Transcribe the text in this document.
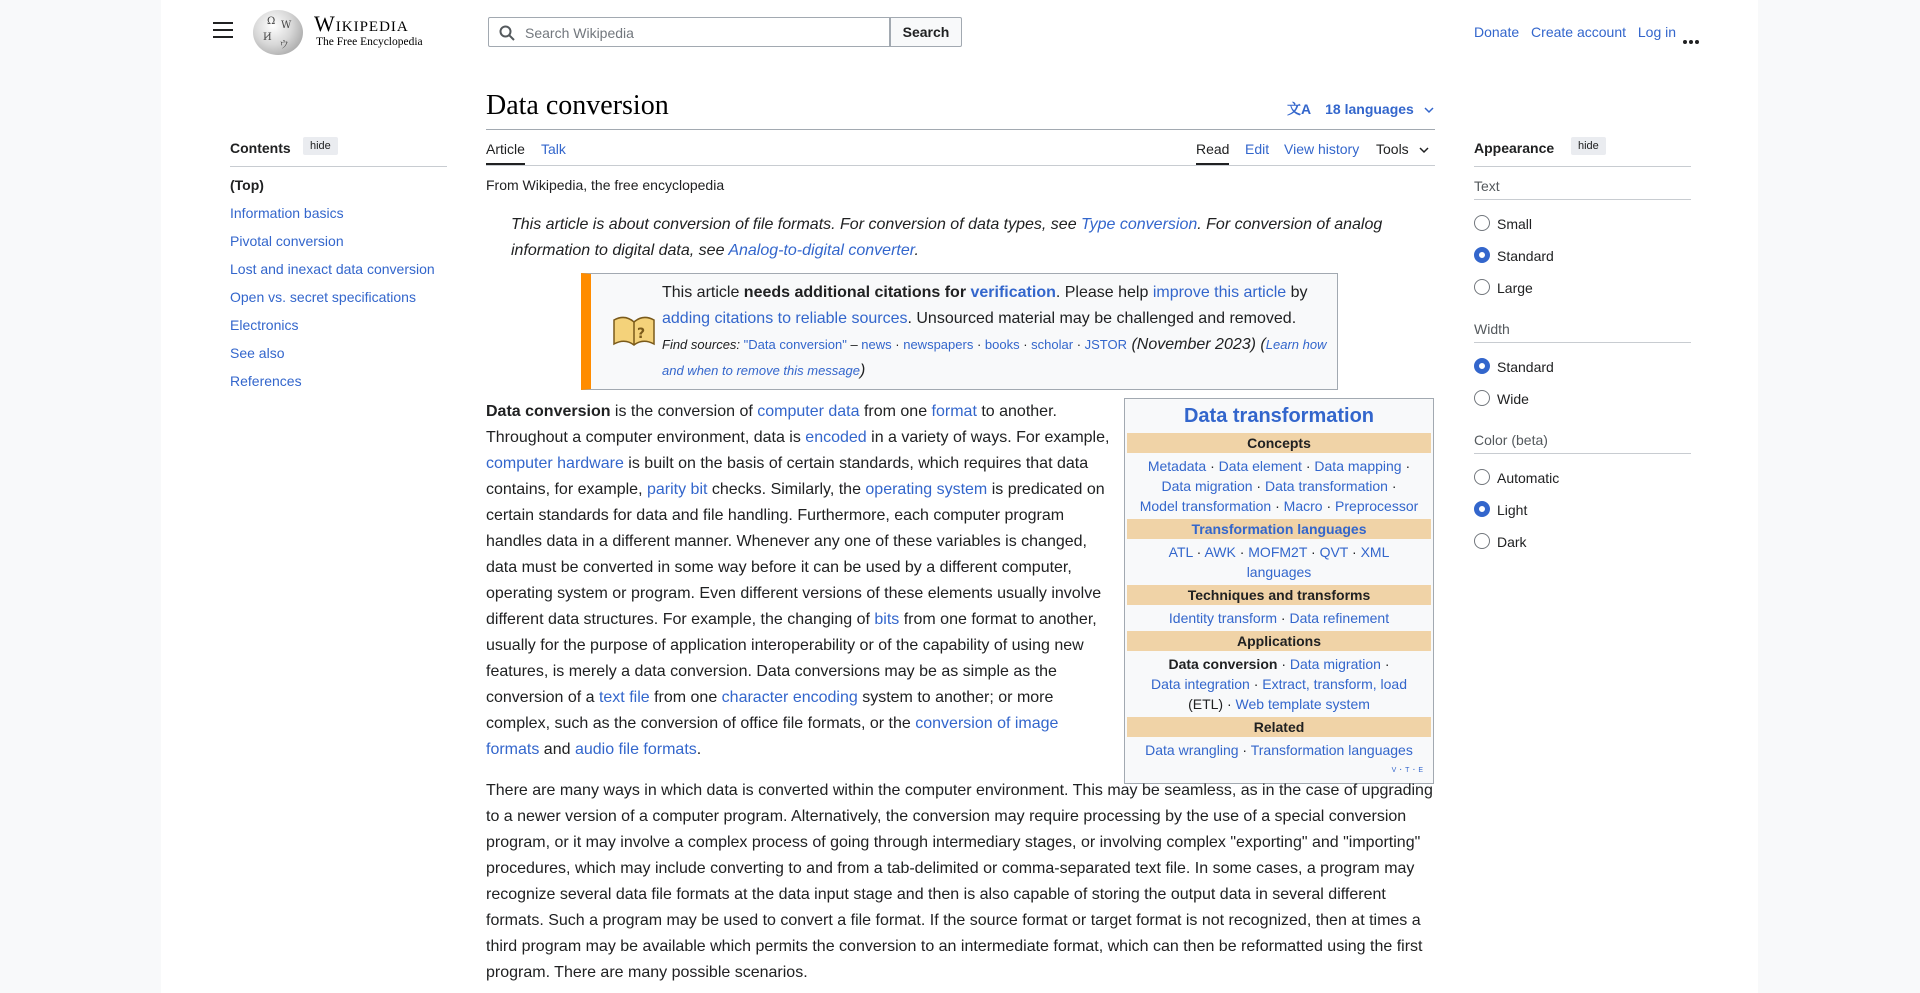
Ω W
И
ウ
Wikipedia
The Free Encyclopedia
Search Wikipedia
Search	Donate Create account Log in
Contents	hide
(Top)
Information basics
Pivotal conversion
Lost and inexact data conversion
Open vs. secret specifications
Electronics
See also
References
Data conversion	文A 18 languages
Article Talk	Read Edit View history Tools
From Wikipedia, the free encyclopedia
This article is about conversion of file formats. For conversion of data types, see Type conversion. For conversion of analog information to digital data, see Analog-to-digital converter.
?
This article needs additional citations for verification. Please help improve this article by
adding citations to reliable sources. Unsourced material may be challenged and removed.
Find sources: "Data conversion" – news · newspapers · books · scholar · JSTOR (November 2023) (Learn how and when to remove this message)
Data conversion is the conversion of computer data from one format to another. Throughout a computer environment, data is encoded in a variety of ways. For example, computer hardware is built on the basis of certain standards, which requires that data contains, for example, parity bit checks. Similarly, the operating system is predicated on certain standards for data and file handling. Furthermore, each computer program handles data in a different manner. Whenever any one of these variables is changed, data must be converted in some way before it can be used by a different computer, operating system or program. Even different versions of these elements usually involve different data structures. For example, the changing of bits from one format to another, usually for the purpose of application interoperability or of the capability of using new features, is merely a data conversion. Data conversions may be as simple as the conversion of a text file from one character encoding system to another; or more complex, such as the conversion of office file formats, or the conversion of image formats and audio file formats.
Data transformation
Concepts
Metadata · Data element · Data mapping ·
Data migration · Data transformation ·
Model transformation · Macro · Preprocessor
Transformation languages
ATL · AWK · MOFM2T · QVT · XML languages
Techniques and transforms
Identity transform · Data refinement
Applications
Data conversion · Data migration ·
Data integration · Extract, transform, load
(ETL) · Web template system
Related
Data wrangling · Transformation languages
v · t · e
There are many ways in which data is converted within the computer environment. This may be seamless, as in the case of upgrading to a newer version of a computer program. Alternatively, the conversion may require processing by the use of a special conversion program, or it may involve a complex process of going through intermediary stages, or involving complex "exporting" and "importing" procedures, which may include converting to and from a tab-delimited or comma-separated text file. In some cases, a program may recognize several data file formats at the data input stage and then is also capable of storing the output data in several different formats. Such a program may be used to convert a file format. If the source format or target format is not recognized, then at times a third program may be available which permits the conversion to an intermediate format, which can then be reformatted using the first program. There are many possible scenarios.
Appearance	hide
Text
Small
Standard
Large
Width
Standard
Wide
Color (beta)
Automatic
Light
Dark
